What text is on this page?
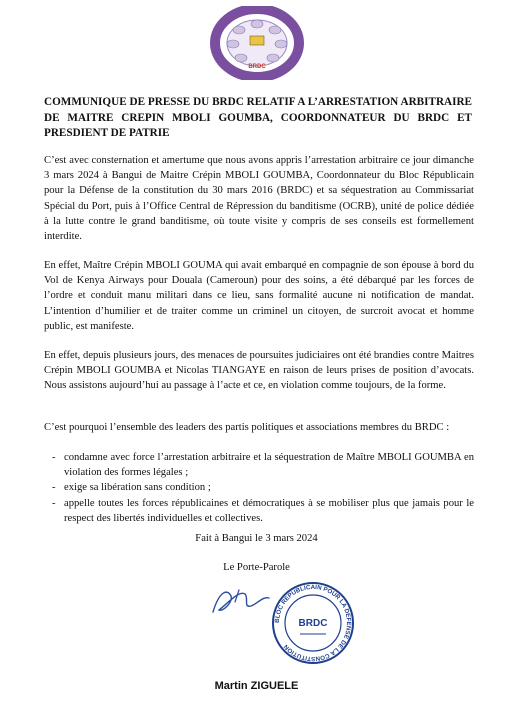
BRDC
COMMUNIQUE DE PRESSE DU BRDC RELATIF A L’ARRESTATION ARBITRAIRE DE MAITRE CREPIN MBOLI GOUMBA, COORDONNATEUR DU BRDC ET PRESDIENT DE PATRIE

C’est avec consternation et amertume que nous avons appris l’arrestation arbitraire ce jour dimanche 3 mars 2024 à Bangui de Maitre Crépin MBOLI GOUMBA, Coordonnateur du Bloc Républicain pour la Défense de la constitution du 30 mars 2016 (BRDC) et sa séquestration au Commissariat Spécial du Port, puis à l’Office Central de Répression du banditisme (OCRB), unité de police dédiée à la lutte contre le grand banditisme, où toute visite y compris de ses conseils est formellement interdite.

En effet, Maître Crépin MBOLI GOUMA qui avait embarqué en compagnie de son épouse à bord du Vol de Kenya Airways pour Douala (Cameroun) pour des soins, a été débarqué par les forces de l’ordre et conduit manu militari dans ce lieu, sans formalité aucune ni notification de mandat. L’intention d’humilier et de traiter comme un criminel un citoyen, de surcroit avocat et homme public, est manifeste.

En effet, depuis plusieurs jours, des menaces de poursuites judiciaires ont été brandies contre Maitres Crépin MBOLI GOUMBA et Nicolas TIANGAYE en raison de leurs prises de position d’avocats. Nous assistons aujourd’hui au passage à l’acte et ce, en violation comme toujours, de la forme.

C’est pourquoi l’ensemble des leaders des partis politiques et associations membres du BRDC :

- condamne avec force l’arrestation arbitraire et la séquestration de Maître MBOLI GOUMBA en violation des formes légales ;
- exige sa libération sans condition ;
- appelle toutes les forces républicaines et démocratiques à se mobiliser plus que jamais pour le respect des libertés individuelles et collectives.
Fait à Bangui le 3 mars 2024
Le Porte-Parole
BLOC REPUBLICAIN POUR LA DEFENSE DE LA CONSTITUTION
BRDC
Martin ZIGUELE
